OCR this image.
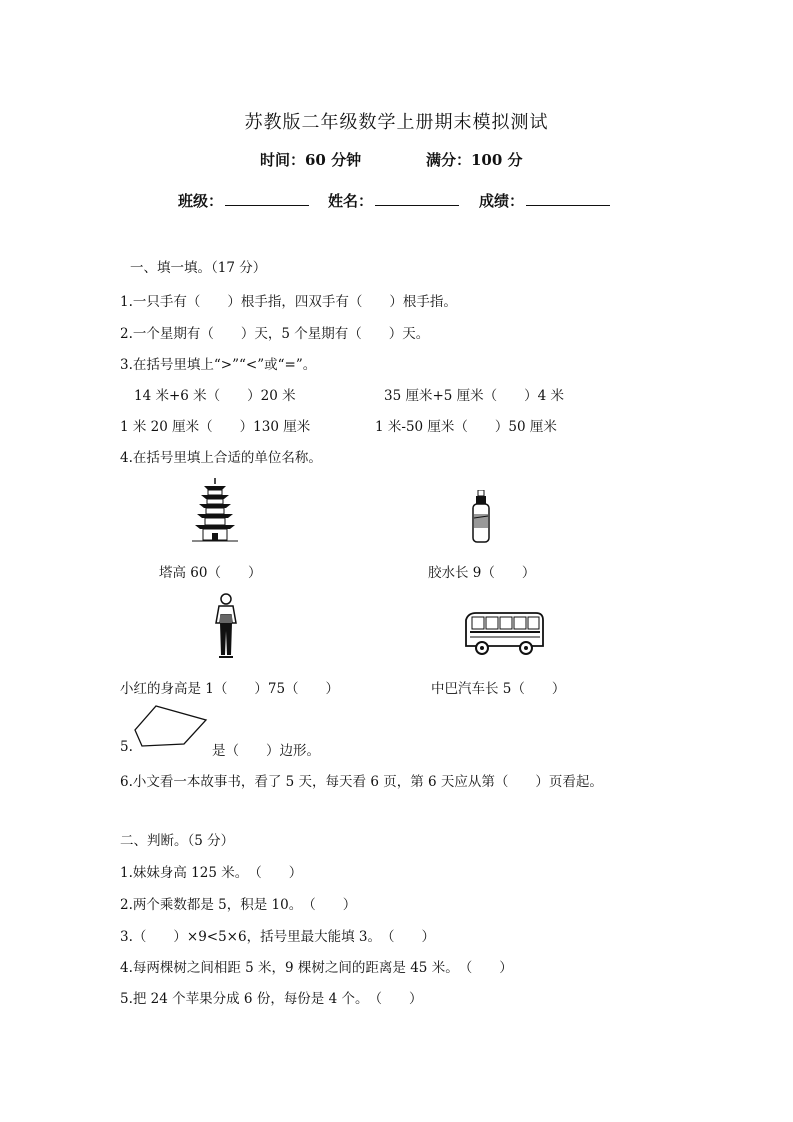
苏教版二年级数学上册期末模拟测试
时间：60 分钟	满分：100 分
班级：	姓名：	成绩：
一、填一填。（17 分）
1.一只手有（　　）根手指，四双手有（　　）根手指。
2.一个星期有（　　）天，5 个星期有（　　）天。
3.在括号里填上“>”“<”或“=”。
14 米+6 米（　　）20 米	35 厘米+5 厘米（　　）4 米
1 米 20 厘米（　　）130 厘米	1 米-50 厘米（　　）50 厘米
4.在括号里填上合适的单位名称。
塔高 60（　　）	胶水长 9（　　）
小红的身高是 1（　　）75（　　）	中巴汽车长 5（　　）
5.	是（　　）边形。
6.小文看一本故事书，看了 5 天，每天看 6 页，第 6 天应从第（　　）页看起。
二、判断。（5 分）
1.妹妹身高 125 米。　（　　）
2.两个乘数都是 5，积是 10。　（　　）
3.（　　）×9<5×6，括号里最大能填 3。　（　　）
4.每两棵树之间相距 5 米，9 棵树之间的距离是 45 米。　（　　）
5.把 24 个苹果分成 6 份，每份是 4 个。　（　　）
